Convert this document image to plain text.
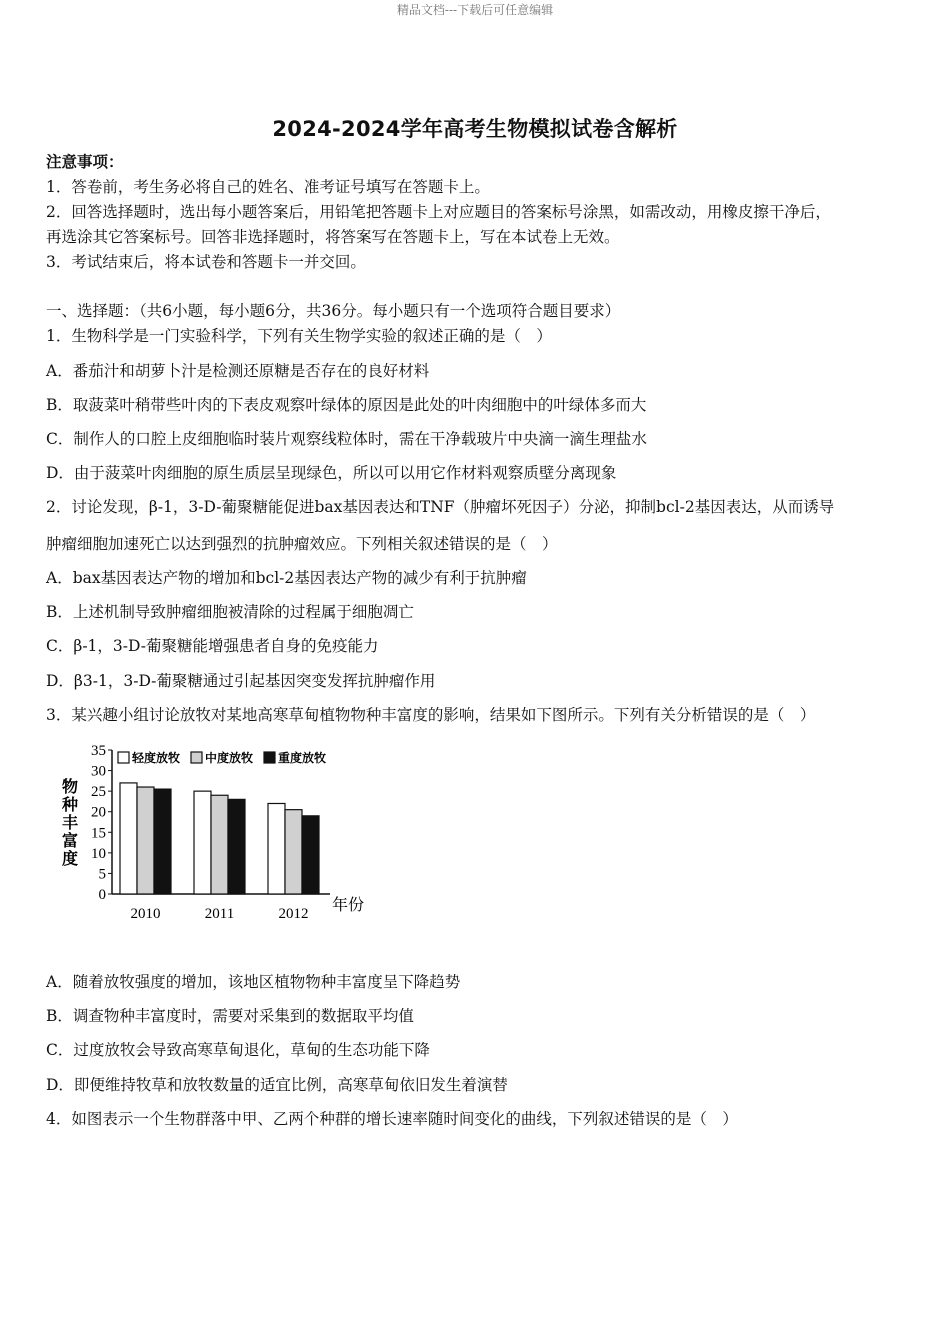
精品文档---下载后可任意编辑
2024-2024学年高考生物模拟试卷含解析
注意事项：
1．答卷前，考生务必将自己的姓名、准考证号填写在答题卡上。
2．回答选择题时，选出每小题答案后，用铅笔把答题卡上对应题目的答案标号涂黑，如需改动，用橡皮擦干净后，
再选涂其它答案标号。回答非选择题时，将答案写在答题卡上，写在本试卷上无效。
3．考试结束后，将本试卷和答题卡一并交回。
一、选择题：（共6小题，每小题6分，共36分。每小题只有一个选项符合题目要求）
1．生物科学是一门实验科学，下列有关生物学实验的叙述正确的是（　）
A．番茄汁和胡萝卜汁是检测还原糖是否存在的良好材料
B．取菠菜叶稍带些叶肉的下表皮观察叶绿体的原因是此处的叶肉细胞中的叶绿体多而大
C．制作人的口腔上皮细胞临时装片观察线粒体时，需在干净载玻片中央滴一滴生理盐水
D．由于菠菜叶肉细胞的原生质层呈现绿色，所以可以用它作材料观察质壁分离现象
2．讨论发现，β-1，3-D-葡聚糖能促进bax基因表达和TNF（肿瘤坏死因子）分泌，抑制bcl-2基因表达，从而诱导
肿瘤细胞加速死亡以达到强烈的抗肿瘤效应。下列相关叙述错误的是（　）
A．bax基因表达产物的增加和bcl-2基因表达产物的减少有利于抗肿瘤
B．上述机制导致肿瘤细胞被清除的过程属于细胞凋亡
C．β-1，3-D-葡聚糖能增强患者自身的免疫能力
D．β3-1，3-D-葡聚糖通过引起基因突变发挥抗肿瘤作用
3．某兴趣小组讨论放牧对某地高寒草甸植物物种丰富度的影响，结果如下图所示。下列有关分析错误的是（　）
0
5
10
15
20
25
30
35
物
种
丰
富
度
年份
2010	2011	2012
轻度放牧 中度放牧 重度放牧
A．随着放牧强度的增加，该地区植物物种丰富度呈下降趋势
B．调查物种丰富度时，需要对采集到的数据取平均值
C．过度放牧会导致高寒草甸退化，草甸的生态功能下降
D．即便维持牧草和放牧数量的适宜比例，高寒草甸依旧发生着演替
4．如图表示一个生物群落中甲、乙两个种群的增长速率随时间变化的曲线，下列叙述错误的是（　）
